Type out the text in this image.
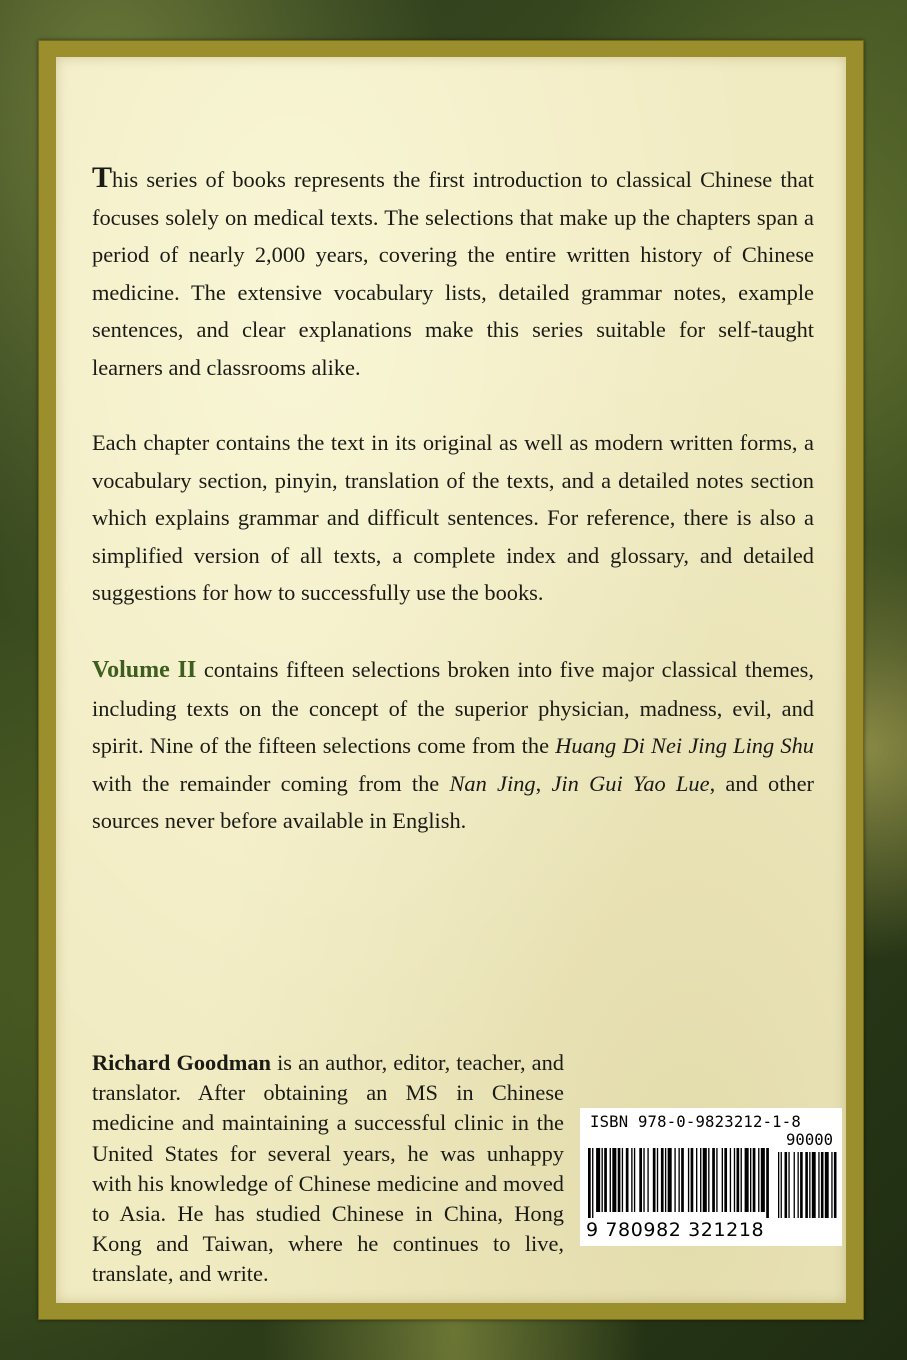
This series of books represents the first introduction to classical Chinese that focuses solely on medical texts. The selections that make up the chapters span a period of nearly 2,000 years, covering the entire written history of Chinese medicine. The extensive vocabulary lists, detailed grammar notes, example sentences, and clear explanations make this series suitable for self-taught learners and classrooms alike.

Each chapter contains the text in its original as well as modern written forms, a vocabulary section, pinyin, translation of the texts, and a detailed notes section which explains grammar and difficult sentences. For reference, there is also a simplified version of all texts, a complete index and glossary, and detailed suggestions for how to successfully use the books.

Volume II contains fifteen selections broken into five major classical themes, including texts on the concept of the superior physician, madness, evil, and spirit. Nine of the fifteen selections come from the Huang Di Nei Jing Ling Shu with the remainder coming from the Nan Jing, Jin Gui Yao Lue, and other sources never before available in English.

Richard Goodman is an author, editor, teacher, and translator. After obtaining an MS in Chinese medicine and maintaining a successful clinic in the United States for several years, he was unhappy with his knowledge of Chinese medicine and moved to Asia. He has studied Chinese in China, Hong Kong and Taiwan, where he continues to live, translate, and write.

ISBN 978-0-9823212-1-8
90000
9 780982 321218
